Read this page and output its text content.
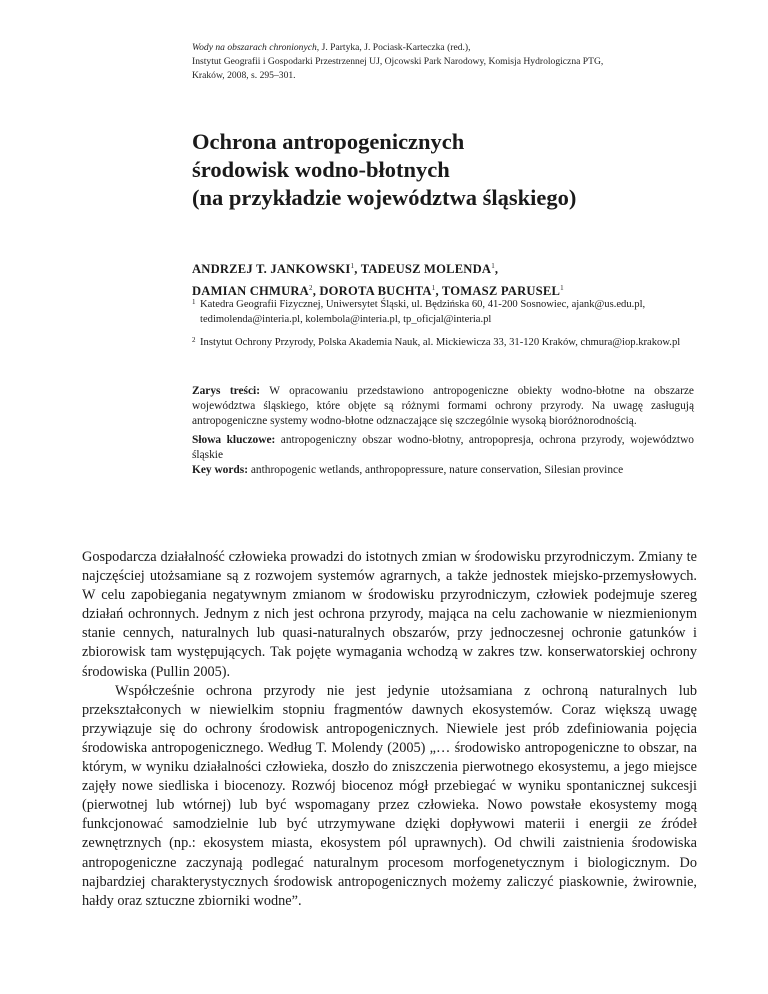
Wody na obszarach chronionych, J. Partyka, J. Pociask-Karteczka (red.),

Instytut Geografii i Gospodarki Przestrzennej UJ, Ojcowski Park Narodowy, Komisja Hydrologiczna PTG,

Kraków, 2008, s. 295–301.

Ochrona antropogenicznych
środowisk wodno-błotnych
(na przykładzie województwa śląskiego)
ANDRZEJ T. JANKOWSKI$^1$, TADEUSZ MOLENDA$^1$,
DAMIAN CHMURA$^2$, DOROTA BUCHTA$^1$, TOMASZ PARUSEL$^1$
1 Katedra Geografii Fizycznej, Uniwersytet Śląski, ul. Będzińska 60, 41-200 Sosnowiec, ajank@us.edu.pl, tedimolenda@interia.pl, kolembola@interia.pl, tp_oficjal@interia.pl
2 Instytut Ochrony Przyrody, Polska Akademia Nauk, al. Mickiewicza 33, 31-120 Kraków, chmura@iop.krakow.pl

Zarys treści: W opracowaniu przedstawiono antropogeniczne obiekty wodno-błotne na obszarze województwa śląskiego, które objęte są różnymi formami ochrony przyrody. Na uwagę zasługują antropogeniczne systemy wodno-błotne odznaczające się szczególnie wysoką bioróżnorodnością.

Słowa kluczowe: antropogeniczny obszar wodno-błotny, antropopresja, ochrona przyrody, województwo śląskie

Key words: anthropogenic wetlands, anthropopressure, nature conservation, Silesian province

Gospodarcza działalność człowieka prowadzi do istotnych zmian w środowisku przyrodniczym. Zmiany te najczęściej utożsamiane są z rozwojem systemów agrarnych, a także jednostek miejsko-przemysłowych. W celu zapobiegania negatywnym zmianom w środowisku przyrodniczym, człowiek podejmuje szereg działań ochronnych. Jednym z nich jest ochrona przyrody, mająca na celu zachowanie w niezmienionym stanie cennych, naturalnych lub quasi-naturalnych obszarów, przy jednoczesnej ochronie gatunków i zbiorowisk tam występujących. Tak pojęte wymagania wchodzą w zakres tzw. konserwatorskiej ochrony środowiska (Pullin 2005).

Współcześnie ochrona przyrody nie jest jedynie utożsamiana z ochroną naturalnych lub przekształconych w niewielkim stopniu fragmentów dawnych ekosystemów. Coraz większą uwagę przywiązuje się do ochrony środowisk antropogenicznych. Niewiele jest prób zdefiniowania pojęcia środowiska antropogenicznego. Według T. Molendy (2005) „… środowisko antropogeniczne to obszar, na którym, w wyniku działalności człowieka, doszło do zniszczenia pierwotnego ekosystemu, a jego miejsce zajęły nowe siedliska i biocenozy. Rozwój biocenoz mógł przebiegać w wyniku spontanicznej sukcesji (pierwotnej lub wtórnej) lub być wspomagany przez człowieka. Nowo powstałe ekosystemy mogą funkcjonować samodzielnie lub być utrzymywane dzięki dopływowi materii i energii ze źródeł zewnętrznych (np.: ekosystem miasta, ekosystem pól uprawnych). Od chwili zaistnienia środowiska antropogeniczne zaczynają podlegać naturalnym procesom morfogenetycznym i biologicznym. Do najbardziej charakterystycznych środowisk antropogenicznych możemy zaliczyć piaskownie, żwirownie, hałdy oraz sztuczne zbiorniki wodne”.
